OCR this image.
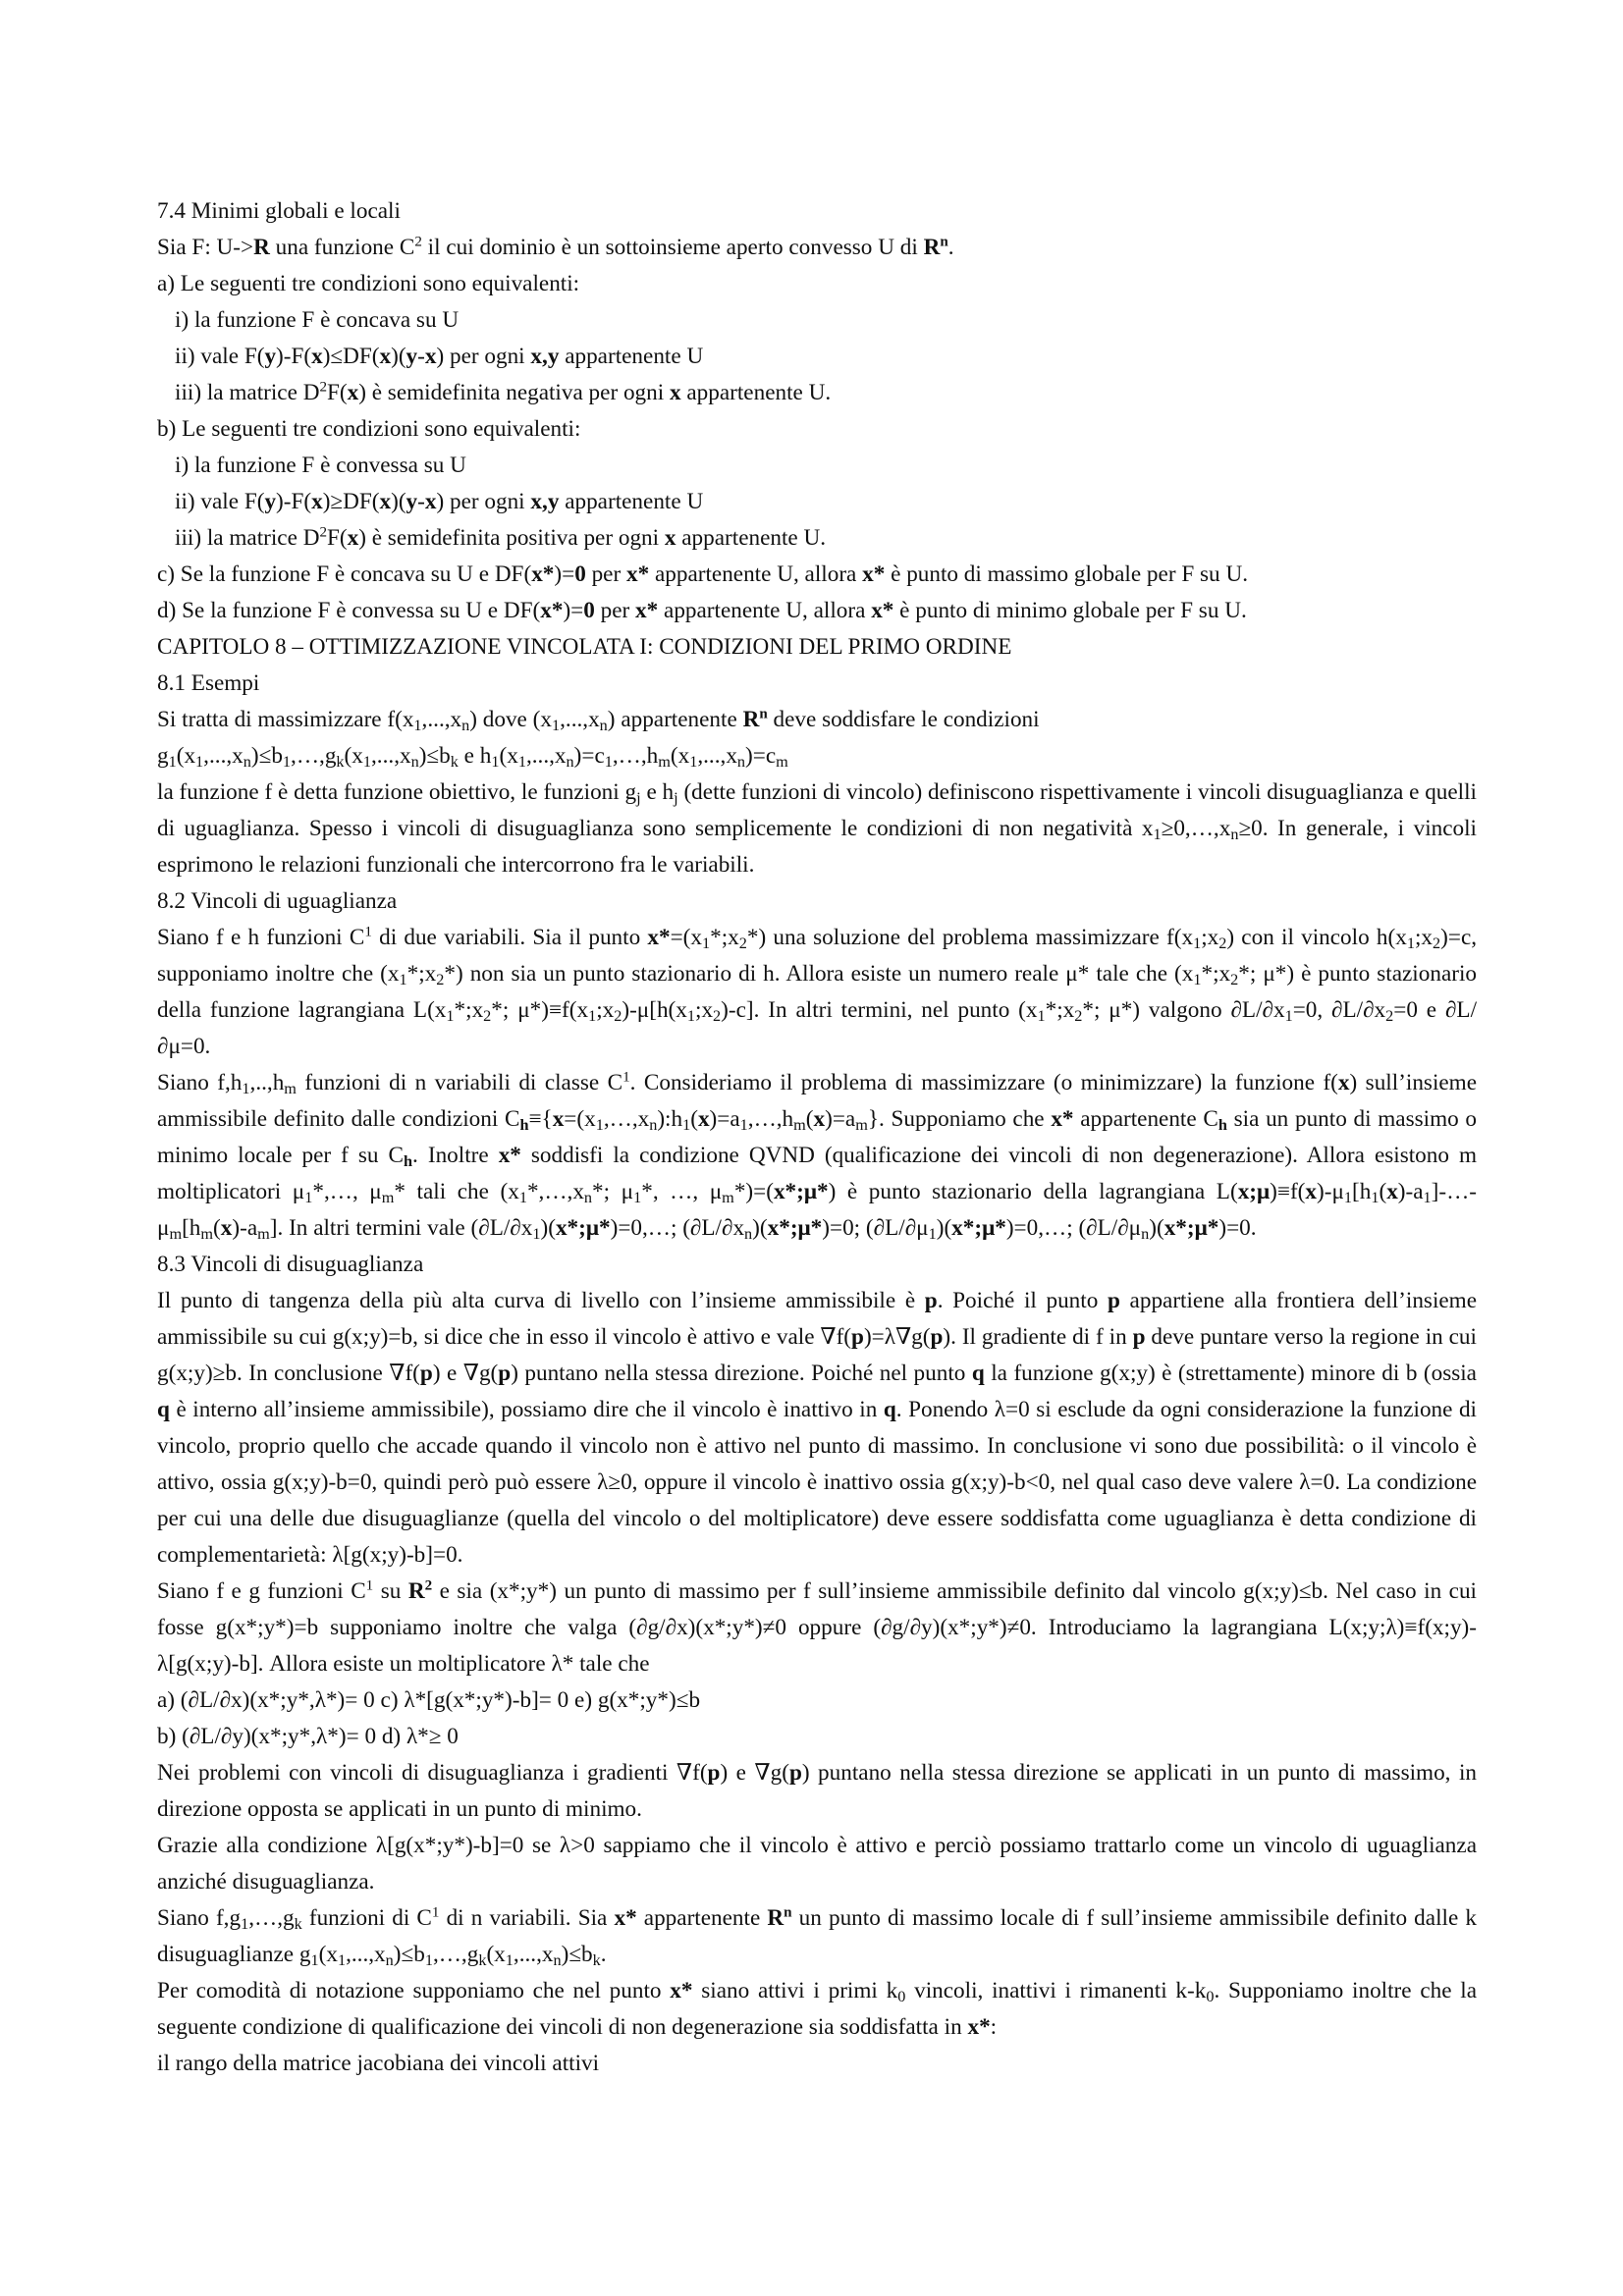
7.4 Minimi globali e locali
Sia F: U->R una funzione $C^2$ il cui dominio è un sottoinsieme aperto convesso U di $R^n$.
a) Le seguenti tre condizioni sono equivalenti:
i) la funzione F è concava su U
ii) vale F(y)-F(x)≤DF(x)(y-x) per ogni x,y appartenente U
iii) la matrice $D^2F(x)$ è semidefinita negativa per ogni x appartenente U.
b) Le seguenti tre condizioni sono equivalenti:
i) la funzione F è convessa su U
ii) vale F(y)-F(x)≥DF(x)(y-x) per ogni x,y appartenente U
iii) la matrice $D^2F(x)$ è semidefinita positiva per ogni x appartenente U.
c) Se la funzione F è concava su U e DF(x*)=0 per x* appartenente U, allora x* è punto di massimo globale per F su U.
d) Se la funzione F è convessa su U e DF(x*)=0 per x* appartenente U, allora x* è punto di minimo globale per F su U.
CAPITOLO 8 – OTTIMIZZAZIONE VINCOLATA I: CONDIZIONI DEL PRIMO ORDINE
8.1 Esempi
Si tratta di massimizzare $f(x_1,...,x_n)$ dove $(x_1,...,x_n)$ appartenente $R^n$ deve soddisfare le condizioni
$g_1(x_1,...,x_n)\le b_1,\dots,g_k(x_1,...,x_n)\le b_k$ e $h_1(x_1,...,x_n)=c_1,\dots,h_m(x_1,...,x_n)=c_m$
la funzione f è detta funzione obiettivo, le funzioni $g_j$ e $h_j$ (dette funzioni di vincolo) definiscono rispettivamente i vincoli disuguaglianza e quelli di uguaglianza. Spesso i vincoli di disuguaglianza sono semplicemente le condizioni di non negatività $x_1\ge 0,\dots,x_n\ge 0$. In generale, i vincoli esprimono le relazioni funzionali che intercorrono fra le variabili.
8.2 Vincoli di uguaglianza
Siano f e h funzioni $C^1$ di due variabili. Sia il punto $x*=(x_1*;x_2*)$ una soluzione del problema massimizzare $f(x_1;x_2)$ con il vincolo $h(x_1;x_2)=c$, supponiamo inoltre che $(x_1*;x_2*)$ non sia un punto stazionario di h. Allora esiste un numero reale μ* tale che ($x_1*;x_2*$; μ*) è punto stazionario della funzione lagrangiana $L(x_1*;x_2*$; $\mu*)\equiv f(x_1;x_2)-\mu[h(x_1;x_2)-c]$. In altri termini, nel punto ($x_1*;x_2*$; μ*) valgono $\partial L/\partial x_1=0$, $\partial L/\partial x_2=0$ e ∂L/∂μ=0.
Siano $f,h_1,..,h_m$ funzioni di n variabili di classe $C^1$. Consideriamo il problema di massimizzare (o minimizzare) la funzione f(x) sull’insieme ammissibile definito dalle condizioni $C_h\equiv\{x=(x_1,\dots,x_n):h_1(x)=a_1,\dots,h_m(x)=a_m\}$. Supponiamo che x* appartenente $C_h$ sia un punto di massimo o minimo locale per f su $C_h$. Inoltre x* soddisfi la condizione QVND (qualificazione dei vincoli di non degenerazione). Allora esistono m moltiplicatori $\mu_1*,\dots$, $\mu_m*$ tali che ($x_1*,\dots,x_n*$; $\mu_1*$, …, $\mu_m*)=(x*;\mu*)$ è punto stazionario della lagrangiana $L(x;\mu)\equiv f(x)-\mu_1[h_1(x)-a_1]-\dots-$ $\mu_m[h_m(x)-a_m]$. In altri termini vale $(\partial L/\partial x_1)(x*;\mu*)=0,\dots$; $(\partial L/\partial x_n)(x*;\mu*)=0$; $(\partial L/\partial\mu_1)(x*;\mu*)=0,\dots$; $(\partial L/\partial\mu_n)(x*;\mu*)=0$.
8.3 Vincoli di disuguaglianza
Il punto di tangenza della più alta curva di livello con l’insieme ammissibile è p. Poiché il punto p appartiene alla frontiera dell’insieme ammissibile su cui g(x;y)=b, si dice che in esso il vincolo è attivo e vale ∇f(p)=λ∇g(p). Il gradiente di f in p deve puntare verso la regione in cui g(x;y)≥b. In conclusione ∇f(p) e ∇g(p) puntano nella stessa direzione. Poiché nel punto q la funzione g(x;y) è (strettamente) minore di b (ossia q è interno all’insieme ammissibile), possiamo dire che il vincolo è inattivo in q. Ponendo λ=0 si esclude da ogni considerazione la funzione di vincolo, proprio quello che accade quando il vincolo non è attivo nel punto di massimo. In conclusione vi sono due possibilità: o il vincolo è attivo, ossia g(x;y)-b=0, quindi però può essere λ≥0, oppure il vincolo è inattivo ossia g(x;y)-b<0, nel qual caso deve valere λ=0. La condizione per cui una delle due disuguaglianze (quella del vincolo o del moltiplicatore) deve essere soddisfatta come uguaglianza è detta condizione di complementarietà: λ[g(x;y)-b]=0.
Siano f e g funzioni $C^1$ su $R^2$ e sia (x*;y*) un punto di massimo per f sull’insieme ammissibile definito dal vincolo g(x;y)≤b. Nel caso in cui fosse g(x*;y*)=b supponiamo inoltre che valga (∂g/∂x)(x*;y*)≠0 oppure (∂g/∂y)(x*;y*)≠0. Introduciamo la lagrangiana L(x;y;λ)≡f(x;y)- λ[g(x;y)-b]. Allora esiste un moltiplicatore λ* tale che
a) (∂L/∂x)(x*;y*,λ*)= 0 c) λ*[g(x*;y*)-b]= 0 e) g(x*;y*)≤b
b) (∂L/∂y)(x*;y*,λ*)= 0 d) λ*≥ 0
Nei problemi con vincoli di disuguaglianza i gradienti ∇f(p) e ∇g(p) puntano nella stessa direzione se applicati in un punto di massimo, in direzione opposta se applicati in un punto di minimo.
Grazie alla condizione λ[g(x*;y*)-b]=0 se λ>0 sappiamo che il vincolo è attivo e perciò possiamo trattarlo come un vincolo di uguaglianza anziché disuguaglianza.
Siano $f,g_1,\dots,g_k$ funzioni di $C^1$ di n variabili. Sia x* appartenente $R^n$ un punto di massimo locale di f sull’insieme ammissibile definito dalle k disuguaglianze $g_1(x_1,...,x_n)\le b_1,\dots,g_k(x_1,...,x_n)\le b_k$.
Per comodità di notazione supponiamo che nel punto x* siano attivi i primi $k_0$ vincoli, inattivi i rimanenti $k-k_0$. Supponiamo inoltre che la seguente condizione di qualificazione dei vincoli di non degenerazione sia soddisfatta in x*:
il rango della matrice jacobiana dei vincoli attivi
